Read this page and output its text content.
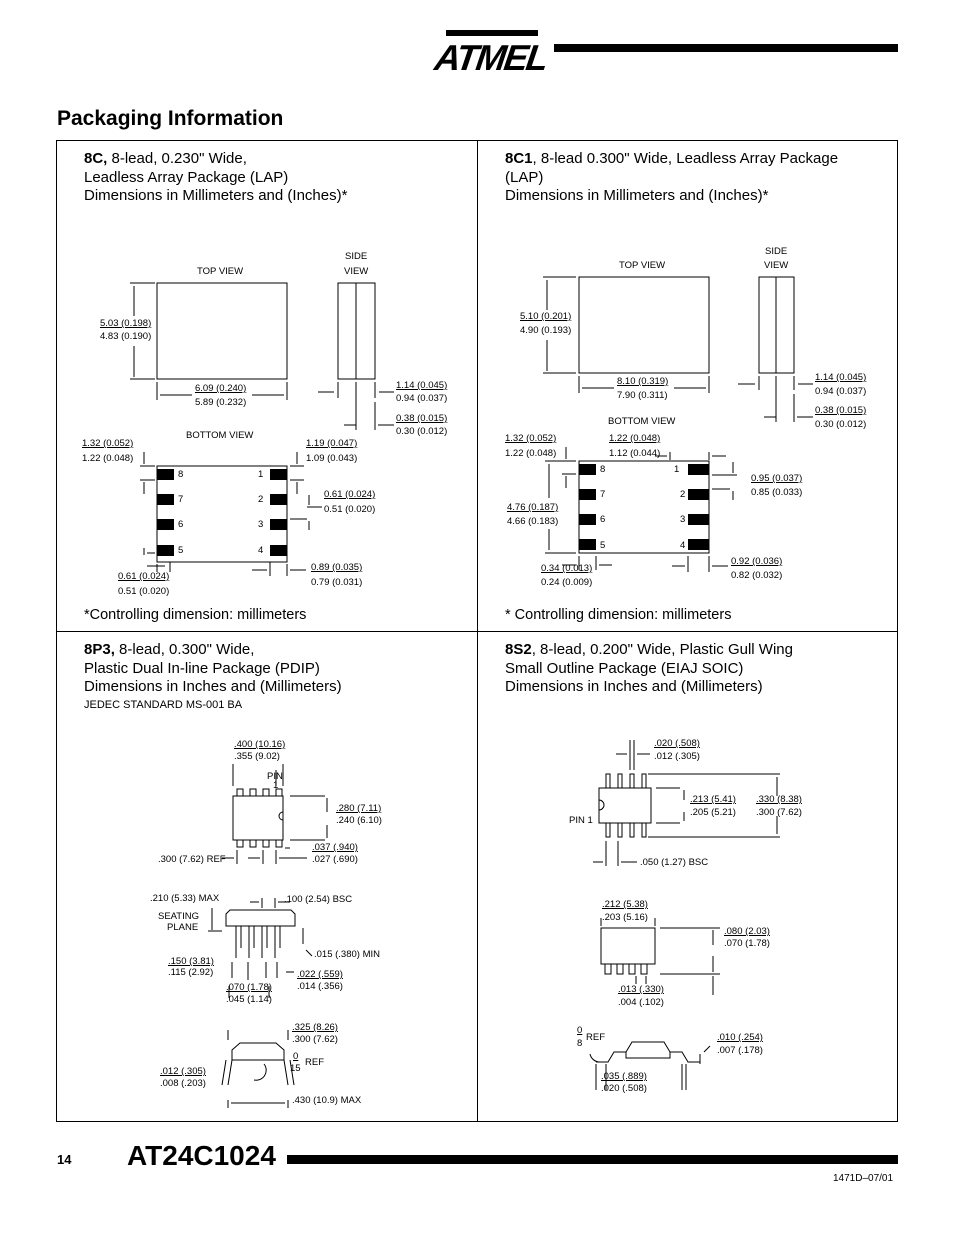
ATMEL
Packaging Information
8C, 8-lead, 0.230" Wide,
Leadless Array Package (LAP)
Dimensions in Millimeters and (Inches)*
8
7
6
5
1
2
3
4
TOP VIEW
SIDE
VIEW
BOTTOM VIEW
5.03 (0.198)
4.83 (0.190)
6.09 (0.240)
5.89 (0.232)
1.14 (0.045)
0.94 (0.037)
0.38 (0.015)
0.30 (0.012)
1.32 (0.052)
1.22 (0.048)
1.19 (0.047)
1.09 (0.043)
0.61 (0.024)
0.51 (0.020)
0.89 (0.035)
0.79 (0.031)
0.61 (0.024)
0.51 (0.020)
*Controlling dimension: millimeters
8C1, 8-lead 0.300" Wide, Leadless Array Package
(LAP)
Dimensions in Millimeters and (Inches)*
8
7
6
5
1
2
3
4
TOP VIEW
SIDE
VIEW
BOTTOM VIEW
5.10 (0.201)
4.90 (0.193)
8.10 (0.319)
7.90 (0.311)
1.14 (0.045)
0.94 (0.037)
0.38 (0.015)
0.30 (0.012)
1.32 (0.052)
1.22 (0.048)
1.22 (0.048)
1.12 (0.044)
0.95 (0.037)
0.85 (0.033)
4.76 (0.187)
4.66 (0.183)
0.34 (0.013)
0.24 (0.009)
0.92 (0.036)
0.82 (0.032)
* Controlling dimension: millimeters
8P3, 8-lead, 0.300" Wide,
Plastic Dual In-line Package (PDIP)
Dimensions in Inches and (Millimeters)
JEDEC STANDARD MS-001 BA
.400 (10.16)
.355 (9.02)
PIN
1
.280 (7.11)
.240 (6.10)
.037 (.940)
.027 (.690)
.300 (7.62) REF
.210 (5.33) MAX	.100 (2.54) BSC
SEATING
PLANE
.015 (.380) MIN
.150 (3.81)
.115 (2.92)	.022 (.559)
.014 (.356)
.070 (1.78)
.045 (1.14)
.325 (8.26)
.300 (7.62)
0
15
REF
.012 (.305)
.008 (.203)
.430 (10.9) MAX
8S2, 8-lead, 0.200" Wide, Plastic Gull Wing
Small Outline Package (EIAJ SOIC)
Dimensions in Inches and (Millimeters)
.020 (.508)
.012 (.305)
.213 (5.41)
.205 (5.21)
.330 (8.38)
.300 (7.62)
PIN 1
.050 (1.27) BSC
.212 (5.38)
.203 (5.16)
.080 (2.03)
.070 (1.78)
.013 (.330)
.004 (.102)
0
8
REF	.010 (.254)
.007 (.178)
.035 (.889)
.020 (.508)
14 AT24C1024
1471D–07/01
